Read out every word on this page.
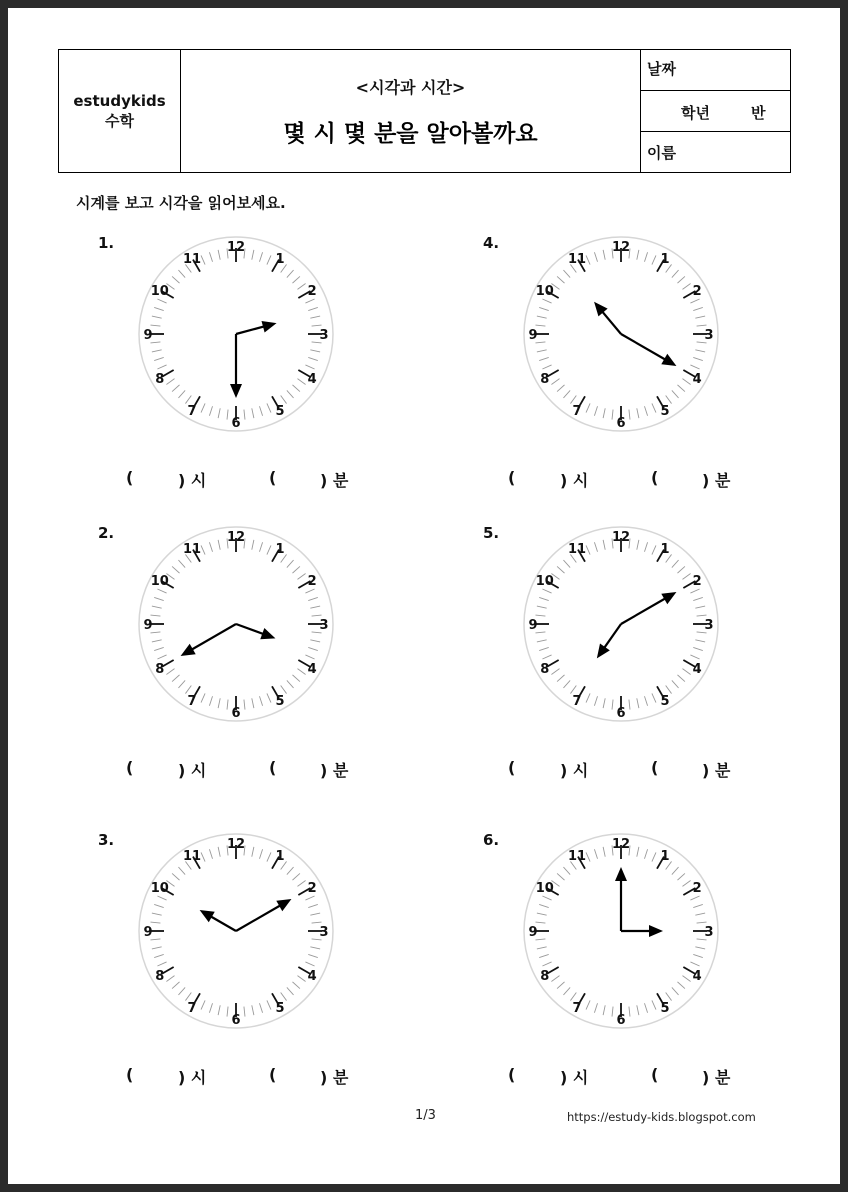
estudykids
수학
<시각과 시간>
몇 시 몇 분을 알아볼까요
날짜
학년	반
이름
시계를 보고 시각을 읽어보세요.
1.	12
1
2
3
4
5
6
7
8
9
10
11
(	) 시	(	) 분
2.	12
1
2
3
4
5
6
7
8
9
10
11
(	) 시	(	) 분
3.	12
1
2
3
4
5
6
7
8
9
10
11
(	) 시	(	) 분
4.	12
1
2
3
4
5
6
7
8
9
10
11
(	) 시	(	) 분
5.	12
1
2
3
4
5
6
7
8
9
10
11
(	) 시	(	) 분
6.	12
1
2
3
4
5
6
7
8
9
10
11
(	) 시	(	) 분
1/3	https://estudy-kids.blogspot.com
